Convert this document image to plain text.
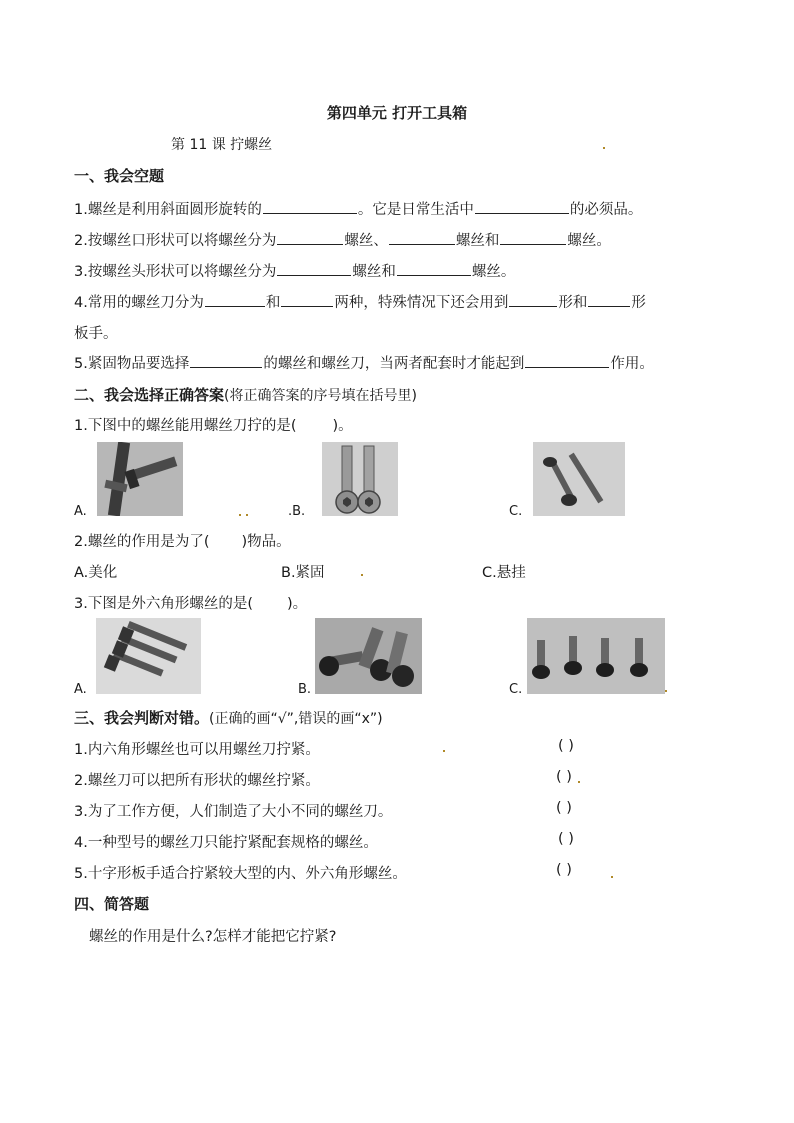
第四单元 打开工具箱
第 11 课 拧螺丝
一、我会空题
1.螺丝是利用斜面圆形旋转的	。它是日常生活中	的必须品。
2.按螺丝口形状可以将螺丝分为	螺丝、	螺丝和	螺丝。
3.按螺丝头形状可以将螺丝分为	螺丝和	螺丝。
4.常用的螺丝刀分为	和	两种，特殊情况下还会用到	形和	形
板手。
5.紧固物品要选择	的螺丝和螺丝刀，当两者配套时才能起到	作用。
二、我会选择正确答案(将正确答案的序号填在括号里)
1.下图中的螺丝能用螺丝刀拧的是( )。
A.	.B.	C.
2.螺丝的作用是为了( )物品。
A.美化	B.紧固	C.悬挂
3.下图是外六角形螺丝的是( )。
A.	B.	C.
三、我会判断对错。(正确的画“√”,错误的画“x”)
1.内六角形螺丝也可以用螺丝刀拧紧。	( )
2.螺丝刀可以把所有形状的螺丝拧紧。	( )
3.为了工作方便，人们制造了大小不同的螺丝刀。	( )
4.一种型号的螺丝刀只能拧紧配套规格的螺丝。	( )
5.十字形板手适合拧紧较大型的内、外六角形螺丝。	( )
四、简答题
螺丝的作用是什么?怎样才能把它拧紧?
